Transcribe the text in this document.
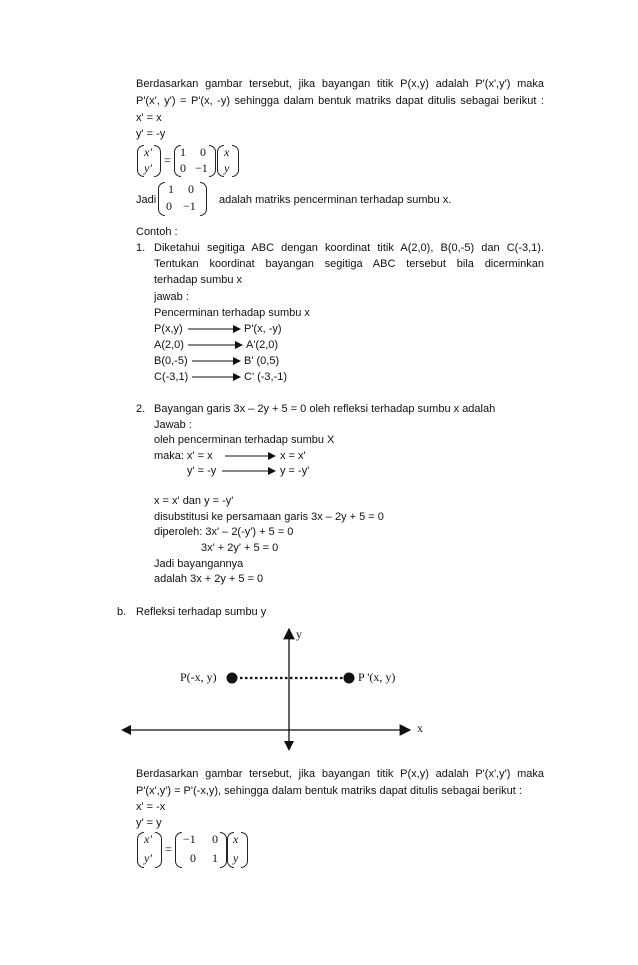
Berdasarkan gambar tersebut, jika bayangan titik P(x,y) adalah P'(x',y') maka
P'(x', y') = P'(x, -y) sehingga dalam bentuk matriks dapat ditulis sebagai berikut :
x' = x
y' = -y
x'
y'
=
1 0
0 −1
x
y
Jadi
1 0
0 −1 adalah matriks pencerminan terhadap sumbu x.
Contoh :
1. Diketahui segitiga ABC dengan koordinat titik A(2,0), B(0,-5) dan C(-3,1).
Tentukan koordinat bayangan segitiga ABC tersebut bila dicerminkan
terhadap sumbu x
jawab :
Pencerminan terhadap sumbu x
P(x,y)	P'(x, -y)
A(2,0)	A'(2,0)
B(0,-5)	B' (0,5)
C(-3,1)	C' (-3,-1)
2. Bayangan garis 3x – 2y + 5 = 0 oleh refleksi terhadap sumbu x adalah
Jawab :
oleh pencerminan terhadap sumbu X
maka: x' = x	x = x'
y' = -y	y = -y'
x = x' dan y = -y'
disubstitusi ke persamaan garis 3x – 2y + 5 = 0
diperoleh: 3x' – 2(-y') + 5 = 0
3x' + 2y' + 5 = 0
Jadi bayangannya
adalah 3x + 2y + 5 = 0
b. Refleksi terhadap sumbu y
y
x
P(-x, y)	P '(x, y)
Berdasarkan gambar tersebut, jika bayangan titik P(x,y) adalah P'(x',y') maka
P'(x',y') = P'(-x,y), sehingga dalam bentuk matriks dapat ditulis sebagai berikut :
x' = -x
y' = y
x'
y'
=
−1 0
0 1
x
y
